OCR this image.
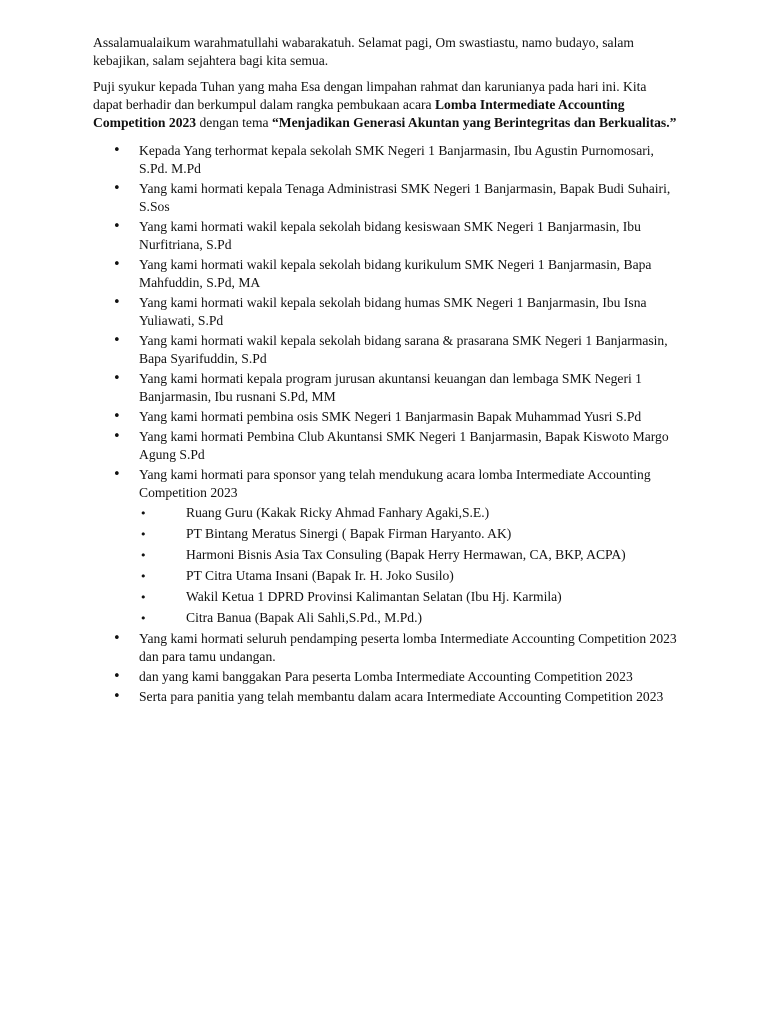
Assalamualaikum warahmatullahi wabarakatuh. Selamat pagi, Om swastiastu, namo budayo, salam kebajikan, salam sejahtera bagi kita semua.

Puji syukur kepada Tuhan yang maha Esa dengan limpahan rahmat dan karunianya pada hari ini. Kita dapat berhadir dan berkumpul dalam rangka pembukaan acara Lomba Intermediate Accounting Competition 2023 dengan tema “Menjadikan Generasi Akuntan yang Berintegritas dan Berkualitas.”

• Kepada Yang terhormat kepala sekolah SMK Negeri 1 Banjarmasin, Ibu Agustin Purnomosari, S.Pd. M.Pd
• Yang kami hormati kepala Tenaga Administrasi SMK Negeri 1 Banjarmasin, Bapak Budi Suhairi, S.Sos
• Yang kami hormati wakil kepala sekolah bidang kesiswaan SMK Negeri 1 Banjarmasin, Ibu Nurfitriana, S.Pd
• Yang kami hormati wakil kepala sekolah bidang kurikulum SMK Negeri 1 Banjarmasin, Bapa Mahfuddin, S.Pd, MA
• Yang kami hormati wakil kepala sekolah bidang humas SMK Negeri 1 Banjarmasin, Ibu Isna Yuliawati, S.Pd
• Yang kami hormati wakil kepala sekolah bidang sarana & prasarana SMK Negeri 1 Banjarmasin, Bapa Syarifuddin, S.Pd
• Yang kami hormati kepala program jurusan akuntansi keuangan dan lembaga SMK Negeri 1 Banjarmasin, Ibu rusnani S.Pd, MM
• Yang kami hormati pembina osis SMK Negeri 1 Banjarmasin Bapak Muhammad Yusri S.Pd
• Yang kami hormati Pembina Club Akuntansi SMK Negeri 1 Banjarmasin, Bapak Kiswoto Margo Agung S.Pd
• Yang kami hormati para sponsor yang telah mendukung acara lomba Intermediate Accounting Competition 2023
•Ruang Guru (Kakak Ricky Ahmad Fanhary Agaki,S.E.)
•PT Bintang Meratus Sinergi ( Bapak Firman Haryanto. AK)
•Harmoni Bisnis Asia Tax Consuling (Bapak Herry Hermawan, CA, BKP, ACPA)
•PT Citra Utama Insani (Bapak Ir. H. Joko Susilo)
•Wakil Ketua 1 DPRD Provinsi Kalimantan Selatan (Ibu Hj. Karmila)
•Citra Banua (Bapak Ali Sahli,S.Pd., M.Pd.)
• Yang kami hormati seluruh pendamping peserta lomba Intermediate Accounting Competition 2023 dan para tamu undangan.
• dan yang kami banggakan Para peserta Lomba Intermediate Accounting Competition 2023
• Serta para panitia yang telah membantu dalam acara Intermediate Accounting Competition 2023
